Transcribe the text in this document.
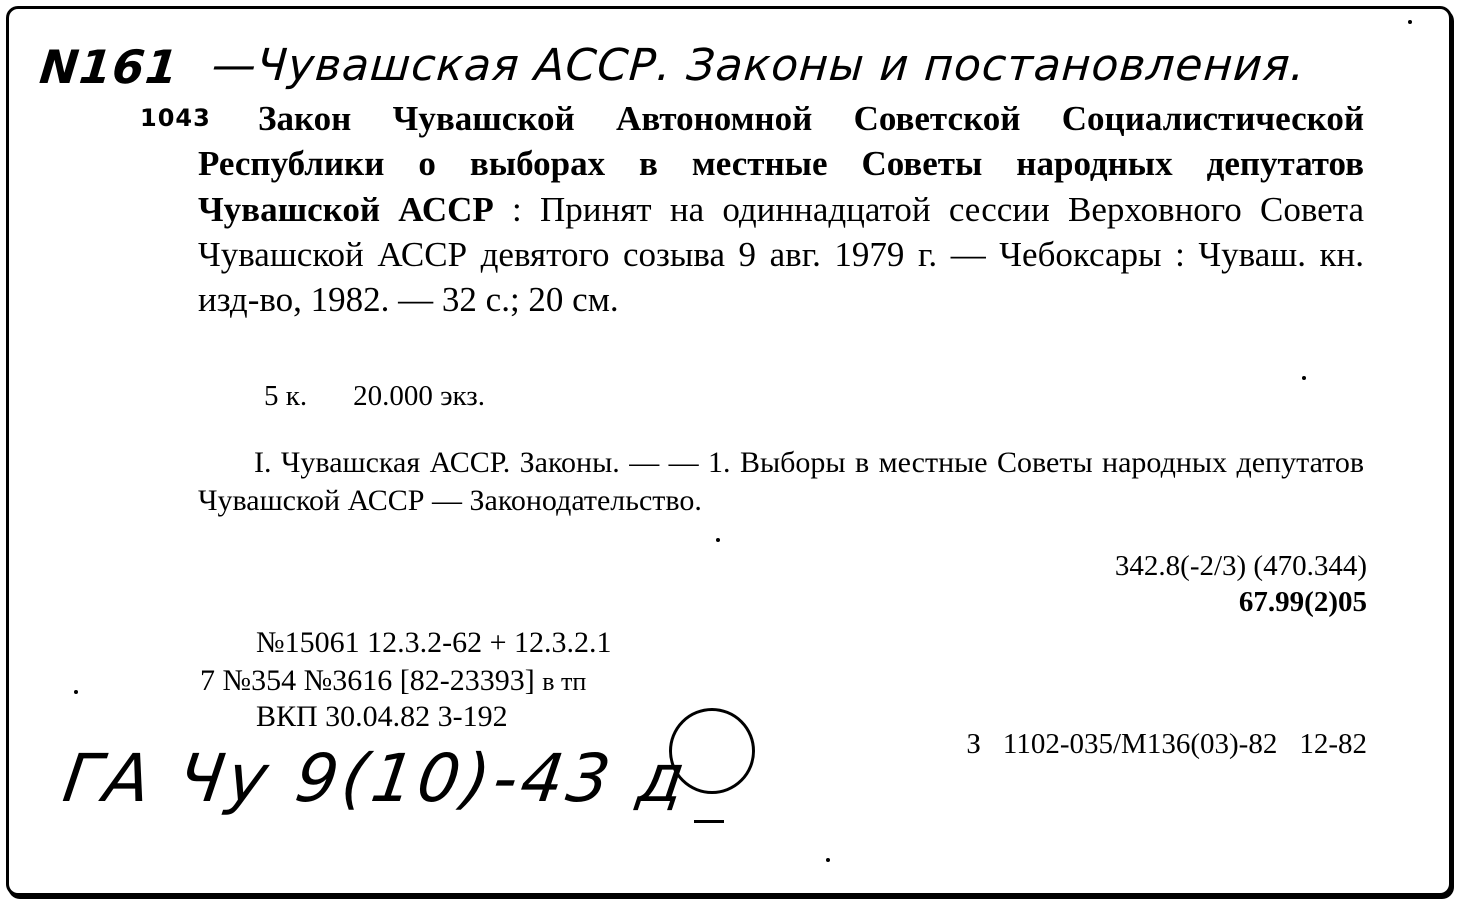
N161 —Чувашская АССР. Законы и постановления.
1043	Закон Чувашской Автономной Советской Социалистической Республики о выборах в местные Советы народных депутатов Чувашской АССР : Принят на одиннадцатой сессии Верховного Совета Чувашской АССР девятого созыва 9 авг. 1979 г. — Чебоксары : Чуваш. кн. изд-во, 1982. — 32 с.; 20 см.

5 к. 20.000 экз.

I. Чувашская АССР. Законы. — — 1. Выборы в местные Советы народных депутатов Чувашской АССР — Законодательство.

342.8(-2/3) (470.344)
67.99(2)05
№15061 12.3.2-62 + 12.3.2.1
7 №354 №3616 [82-23393] в тп
ВКП 30.04.82 3-192
З 1102-035/М136(03)-82 12-82
ГА Чу 9(10)-43 д
